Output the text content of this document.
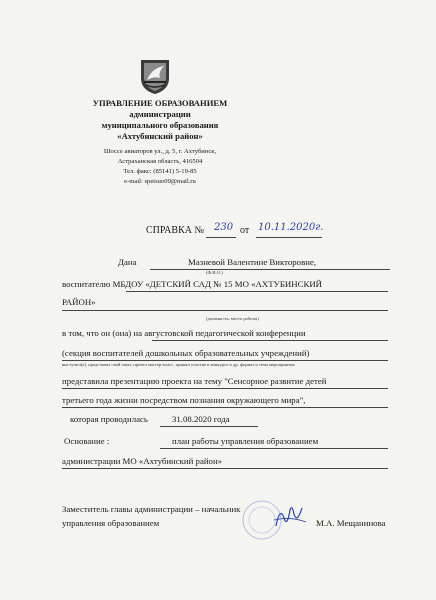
УПРАВЛЕНИЕ ОБРАЗОВАНИЕМ
администрации
муниципального образования
«Ахтубинский район»
Шоссе авиаторов ул., д. 5, г. Ахтубинск,
Астраханская область, 416504
Тел. факс: (85141) 5-19-85
e-mail: spetsuo09@mail.ru
СПРАВКА № 230 от 10.11.2020г.
Дана	Мазневой Валентине Викторовне,
(Ф.И.О.)
воспитателю МБДОУ «ДЕТСКИЙ САД № 15 МО «АХТУБИНСКИЙ
РАЙОН»
(должность, место работы)
в том, что он (она) на августовской педагогической конференции
(секция воспитателей дошкольных образовательных учреждений)
выступил(а), представил свой опыт, провел мастер-класс, принял участие в конкурсе и др. формат и тема мероприятия
представила презентацию проекта на тему "Сенсорное развитие детей
третьего года жизни посредством познания окружающего мира",
которая проводилась	31.08.2020 года
Основание :	план работы управления образованием
администрации МО «Ахтубинский район»
Заместитель главы администрации – начальник
управления образованием	М.А. Мещанинова
